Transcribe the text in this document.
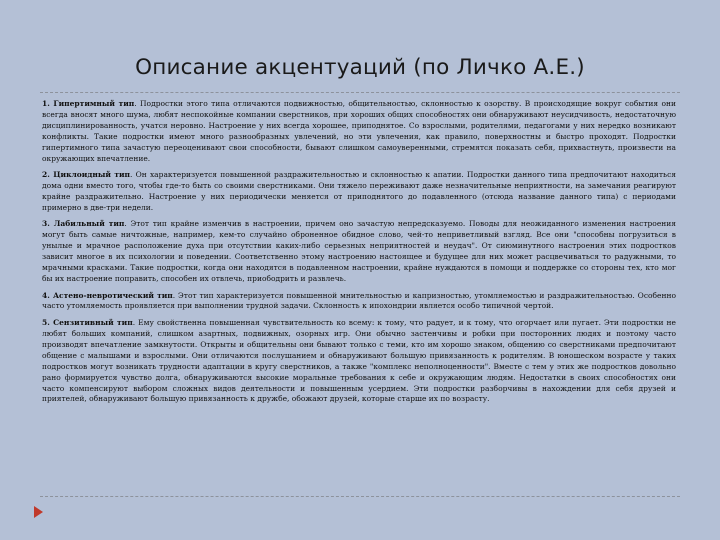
Описание акцентуаций (по Личко А.Е.)

1. Гипертимный тип. Подростки этого типа отличаются подвижностью, общительностью, склонностью к озорству. В происходящие вокруг события они всегда вносят много шума, любят неспокойные компании сверстников, при хороших общих способностях они обнаруживают неусидчивость, недостаточную дисциплинированность, учатся неровно. Настроение у них всегда хорошее, приподнятое. Со взрослыми, родителями, педагогами у них нередко возникают конфликты. Такие подростки имеют много разнообразных увлечений, но эти увлечения, как правило, поверхностны и быстро проходят. Подростки гипертимного типа зачастую переоценивают свои способности, бывают слишком самоуверенными, стремятся показать себя, прихвастнуть, произвести на окружающих впечатление.

2. Циклоидный тип. Он характеризуется повышенной раздражительностью и склонностью к апатии. Подростки данного типа предпочитают находиться дома одни вместо того, чтобы где-то быть со своими сверстниками. Они тяжело переживают даже незначительные неприятности, на замечания реагируют крайне раздражительно. Настроение у них периодически меняется от приподнятого до подавленного (отсюда название данного типа) с периодами примерно в две-три недели.

3. Лабильный тип. Этот тип крайне изменчив в настроении, причем оно зачастую непредсказуемо. Поводы для неожиданного изменения настроения могут быть самые ничтожные, например, кем-то случайно оброненное обидное слово, чей-то неприветливый взгляд. Все они "способны погрузиться в унылые и мрачное расположение духа при отсутствии каких-либо серьезных неприятностей и неудач". От сиюминутного настроения этих подростков зависит многое в их психологии и поведении. Соответственно этому настроению настоящее и будущее для них может расцвечиваться то радужными, то мрачными красками. Такие подростки, когда они находятся в подавленном настроении, крайне нуждаются в помощи и поддержке со стороны тех, кто мог бы их настроение поправить, способен их отвлечь, приободрить и развлечь.

4. Астено-невротический тип. Этот тип характеризуется повышенной мнительностью и капризностью, утомляемостью и раздражительностью. Особенно часто утомляемость проявляется при выполнении трудной задачи. Склонность к ипохондрии является особо типичной чертой.

5. Сензитивный тип. Ему свойственна повышенная чувствительность ко всему: к тому, что радует, и к тому, что огорчает или пугает. Эти подростки не любят больших компаний, слишком азартных, подвижных, озорных игр. Они обычно застенчивы и робки при посторонних людях и поэтому часто производят впечатление замкнутости. Открыты и общительны они бывают только с теми, кто им хорошо знаком, общению со сверстниками предпочитают общение с малышами и взрослыми. Они отличаются послушанием и обнаруживают большую привязанность к родителям. В юношеском возрасте у таких подростков могут возникать трудности адаптации в кругу сверстников, а также "комплекс неполноценности". Вместе с тем у этих же подростков довольно рано формируется чувство долга, обнаруживаются высокие моральные требования к себе и окружающим людям. Недостатки в своих способностях они часто компенсируют выбором сложных видов деятельности и повышенным усердием. Эти подростки разборчивы в нахождении для себя друзей и приятелей, обнаруживают большую привязанность к дружбе, обожают друзей, которые старше их по возрасту.
